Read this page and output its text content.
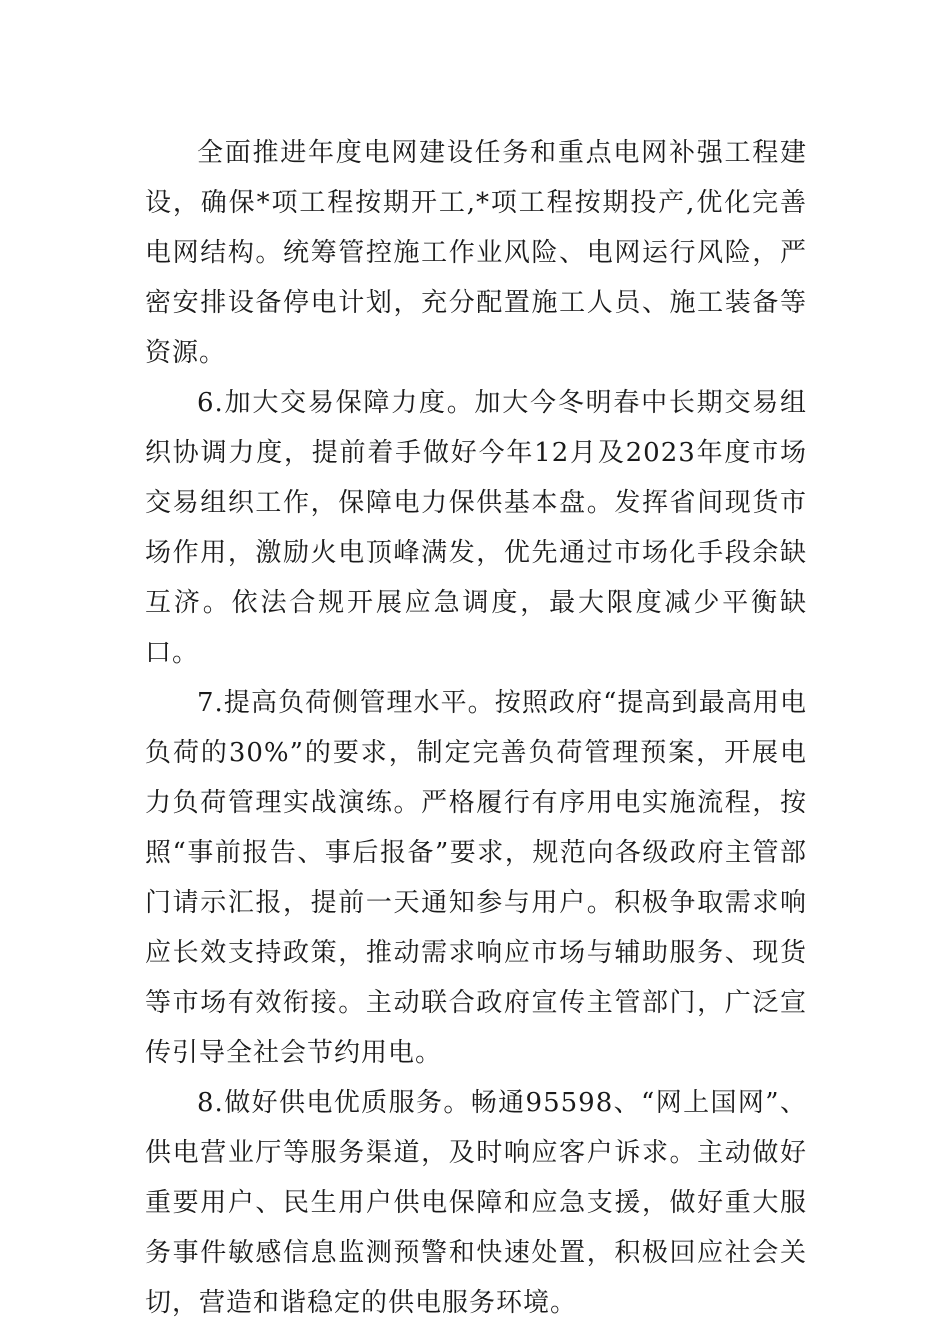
全面推进年度电网建设任务和重点电网补强工程建设，确保*项工程按期开工,*项工程按期投产,优化完善电网结构。统筹管控施工作业风险、电网运行风险，严密安排设备停电计划，充分配置施工人员、施工装备等资源。

6.加大交易保障力度。加大今冬明春中长期交易组织协调力度，提前着手做好今年12月及2023年度市场交易组织工作，保障电力保供基本盘。发挥省间现货市场作用，激励火电顶峰满发，优先通过市场化手段余缺互济。依法合规开展应急调度，最大限度减少平衡缺口。

7.提高负荷侧管理水平。按照政府“提高到最高用电负荷的30%”的要求，制定完善负荷管理预案，开展电力负荷管理实战演练。严格履行有序用电实施流程，按照“事前报告、事后报备”要求，规范向各级政府主管部门请示汇报，提前一天通知参与用户。积极争取需求响应长效支持政策，推动需求响应市场与辅助服务、现货等市场有效衔接。主动联合政府宣传主管部门，广泛宣传引导全社会节约用电。

8.做好供电优质服务。畅通95598、“网上国网”、供电营业厅等服务渠道，及时响应客户诉求。主动做好重要用户、民生用户供电保障和应急支援，做好重大服务事件敏感信息监测预警和快速处置，积极回应社会关切，营造和谐稳定的供电服务环境。
